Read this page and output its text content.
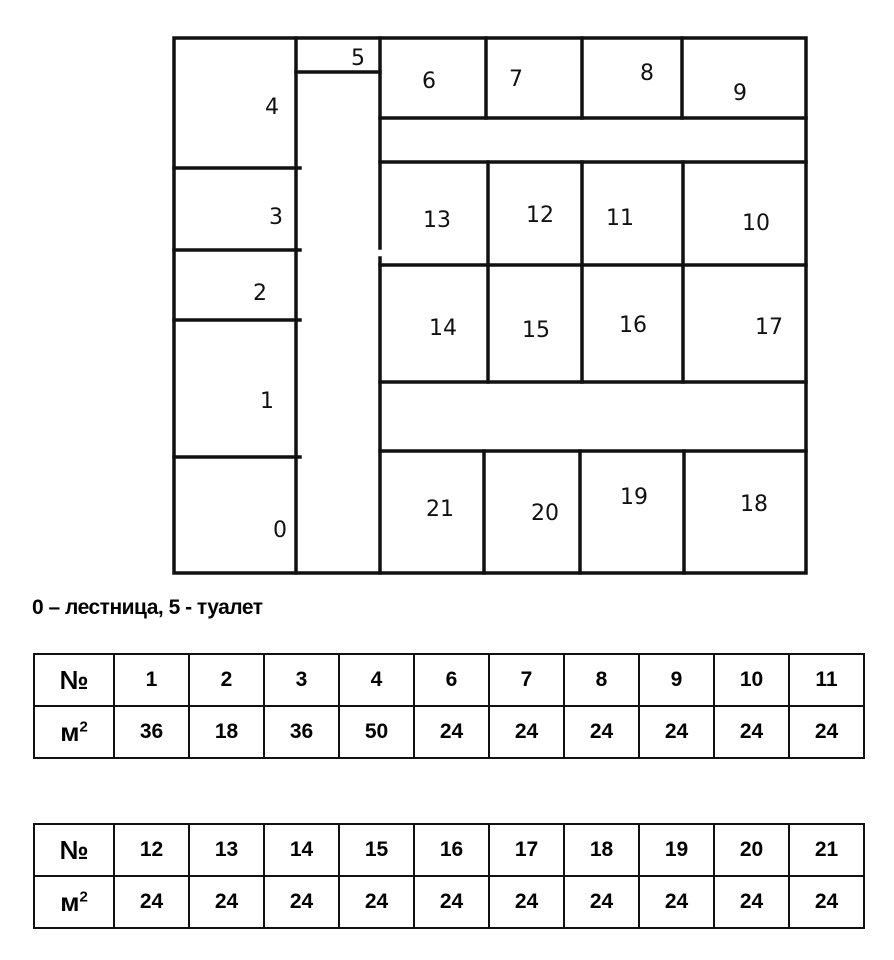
0
1
2
3
4
5
6	7	8
9
10
11
12
13
14	15	16	17
18
19
20
21
0 – лестница, 5 - туалет
№	1	2	3	4	6	7	8	9	10	11
$м^2$	36	18	36	50	24	24	24	24	24	24
№	12	13	14	15	16	17	18	19	20	21
$м^2$	24	24	24	24	24	24	24	24	24	24
